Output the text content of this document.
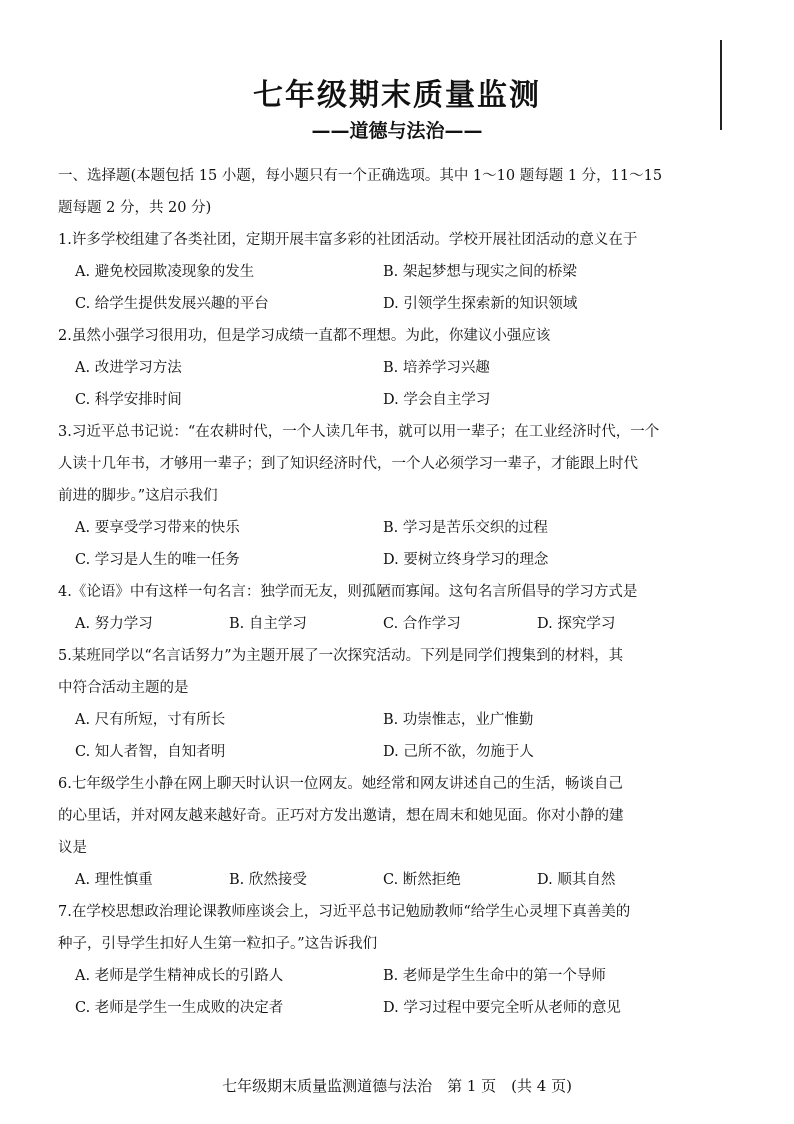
七年级期末质量监测
——道德与法治——
一、选择题(本题包括 15 小题，每小题只有一个正确选项。其中 1～10 题每题 1 分，11～15
题每题 2 分，共 20 分)
1.许多学校组建了各类社团，定期开展丰富多彩的社团活动。学校开展社团活动的意义在于
A. 避免校园欺凌现象的发生	B. 架起梦想与现实之间的桥梁
C. 给学生提供发展兴趣的平台	D. 引领学生探索新的知识领域
2.虽然小强学习很用功，但是学习成绩一直都不理想。为此，你建议小强应该
A. 改进学习方法	B. 培养学习兴趣
C. 科学安排时间	D. 学会自主学习
3.习近平总书记说：“在农耕时代，一个人读几年书，就可以用一辈子；在工业经济时代，一个
人读十几年书，才够用一辈子；到了知识经济时代，一个人必须学习一辈子，才能跟上时代
前进的脚步。”这启示我们
A. 要享受学习带来的快乐	B. 学习是苦乐交织的过程
C. 学习是人生的唯一任务	D. 要树立终身学习的理念
4.《论语》中有这样一句名言：独学而无友，则孤陋而寡闻。这句名言所倡导的学习方式是
A. 努力学习	B. 自主学习	C. 合作学习	D. 探究学习
5.某班同学以“名言话努力”为主题开展了一次探究活动。下列是同学们搜集到的材料，其
中符合活动主题的是
A. 尺有所短，寸有所长	B. 功崇惟志，业广惟勤
C. 知人者智，自知者明	D. 己所不欲，勿施于人
6.七年级学生小静在网上聊天时认识一位网友。她经常和网友讲述自己的生活，畅谈自己
的心里话，并对网友越来越好奇。正巧对方发出邀请，想在周末和她见面。你对小静的建
议是
A. 理性慎重	B. 欣然接受	C. 断然拒绝	D. 顺其自然
7.在学校思想政治理论课教师座谈会上，习近平总书记勉励教师“给学生心灵埋下真善美的
种子，引导学生扣好人生第一粒扣子。”这告诉我们
A. 老师是学生精神成长的引路人	B. 老师是学生生命中的第一个导师
C. 老师是学生一生成败的决定者	D. 学习过程中要完全听从老师的意见
七年级期末质量监测道德与法治　第 1 页　(共 4 页)
